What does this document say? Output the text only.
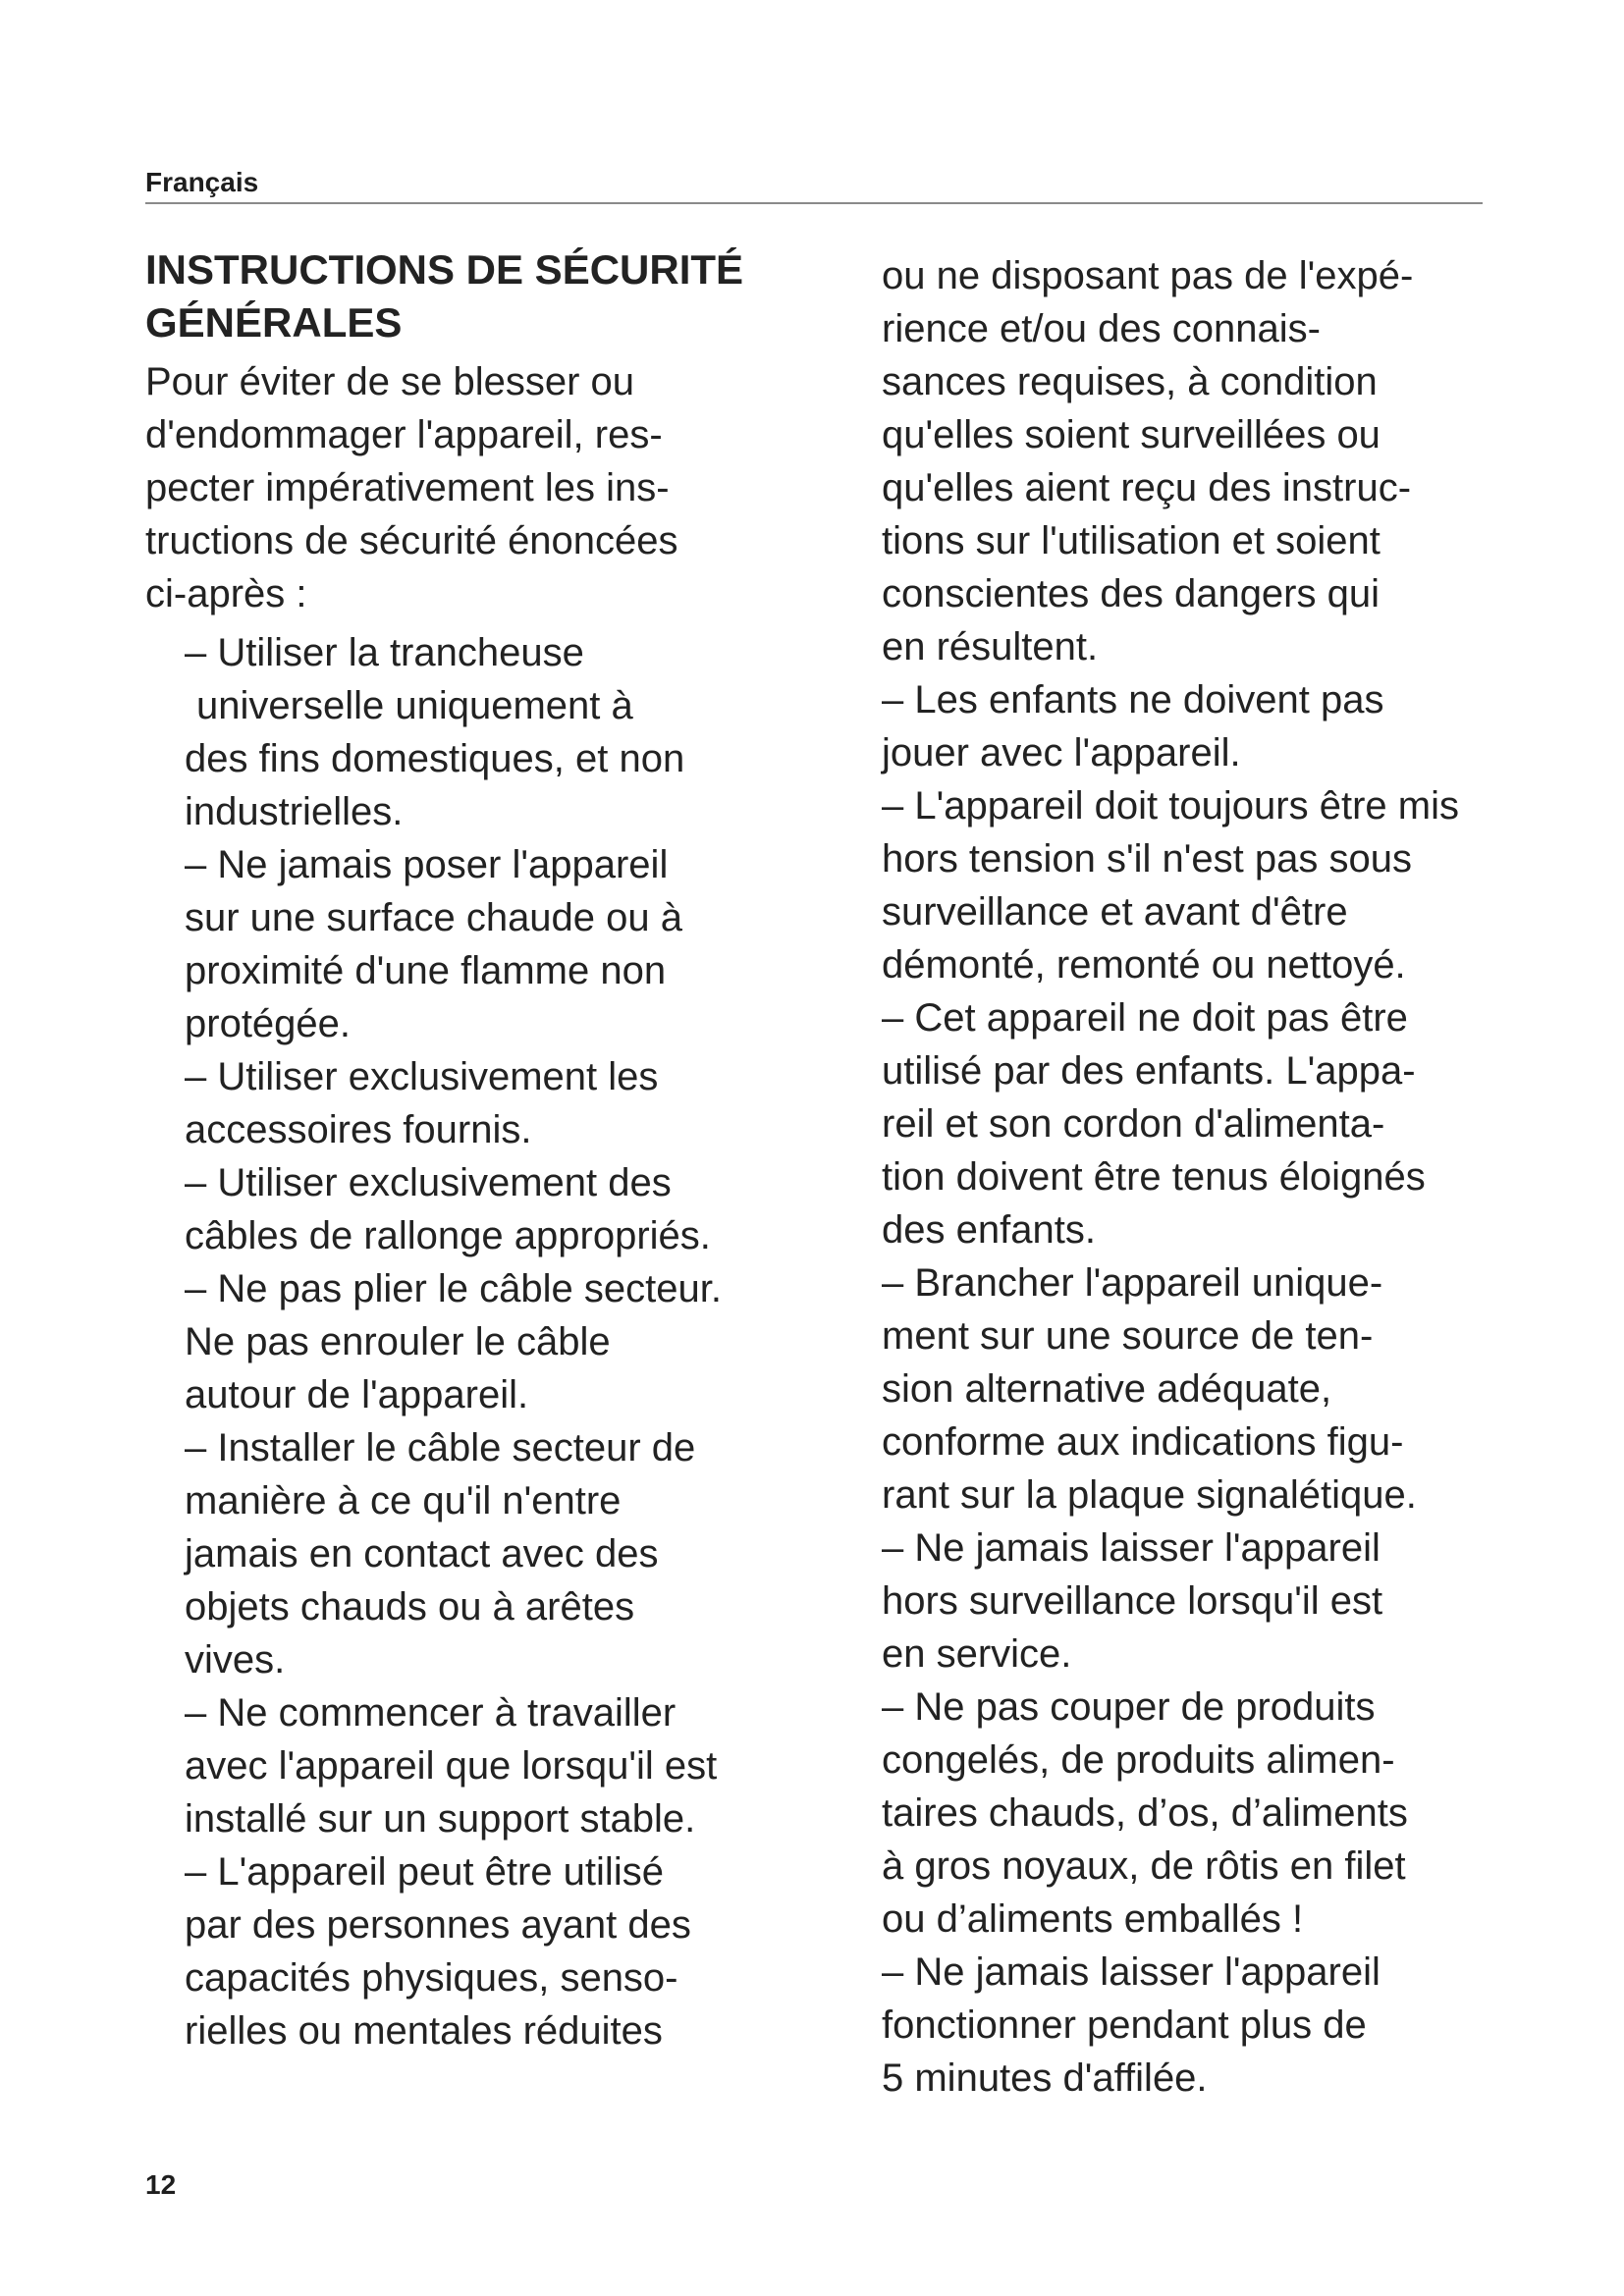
Français
INSTRUCTIONS DE SÉCURITÉ
GÉNÉRALES
Pour éviter de se blesser ou
d'endommager l'appareil, res-
pecter impérativement les ins-
tructions de sécurité énoncées
ci-après :
– Utiliser la trancheuse
universelle uniquement à
des fins domestiques, et non
industrielles.
– Ne jamais poser l'appareil
sur une surface chaude ou à
proximité d'une flamme non
protégée.
– Utiliser exclusivement les
accessoires fournis.
– Utiliser exclusivement des
câbles de rallonge appropriés.
– Ne pas plier le câble secteur.
Ne pas enrouler le câble
autour de l'appareil.
– Installer le câble secteur de
manière à ce qu'il n'entre
jamais en contact avec des
objets chauds ou à arêtes
vives.
– Ne commencer à travailler
avec l'appareil que lorsqu'il est
installé sur un support stable.
– L'appareil peut être utilisé
par des personnes ayant des
capacités physiques, senso-
rielles ou mentales réduites
ou ne disposant pas de l'expé-
rience et/ou des connais-
sances requises, à condition
qu'elles soient surveillées ou
qu'elles aient reçu des instruc-
tions sur l'utilisation et soient
conscientes des dangers qui
en résultent.
– Les enfants ne doivent pas
jouer avec l'appareil.
– L'appareil doit toujours être mis
hors tension s'il n'est pas sous
surveillance et avant d'être
démonté, remonté ou nettoyé.
– Cet appareil ne doit pas être
utilisé par des enfants. L'appa-
reil et son cordon d'alimenta-
tion doivent être tenus éloignés
des enfants.
– Brancher l'appareil unique-
ment sur une source de ten-
sion alternative adéquate,
conforme aux indications figu-
rant sur la plaque signalétique.
– Ne jamais laisser l'appareil
hors surveillance lorsqu'il est
en service.
– Ne pas couper de produits
congelés, de produits alimen-
taires chauds, d’os, d’aliments
à gros noyaux, de rôtis en filet
ou d’aliments emballés !
– Ne jamais laisser l'appareil
fonctionner pendant plus de
5 minutes d'affilée.
12
